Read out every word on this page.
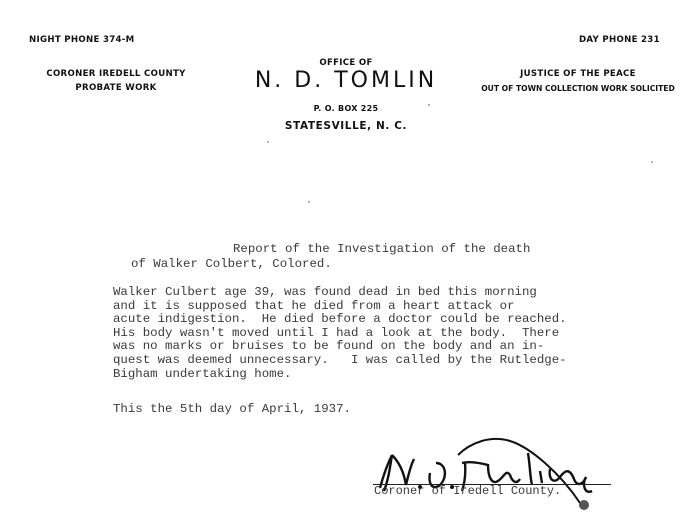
NIGHT PHONE 374-M	DAY PHONE 231
CORONER IREDELL COUNTY
PROBATE WORK
OFFICE OF
N. D. TOMLIN
P. O. BOX 225
STATESVILLE, N. C.
JUSTICE OF THE PEACE
OUT OF TOWN COLLECTION WORK SOLICITED
Report of the Investigation of the death
of Walker Colbert, Colored.
Walker Culbert age 39, was found dead in bed this morning
and it is supposed that he died from a heart attack or
acute indigestion.  He died before a doctor could be reached.
His body wasn't moved until I had a look at the body.  There
was no marks or bruises to be found on the body and an in-
quest was deemed unnecessary.   I was called by the Rutledge-
Bigham undertaking home.
This the 5th day of April, 1937.
Coroner of Iredell County.
